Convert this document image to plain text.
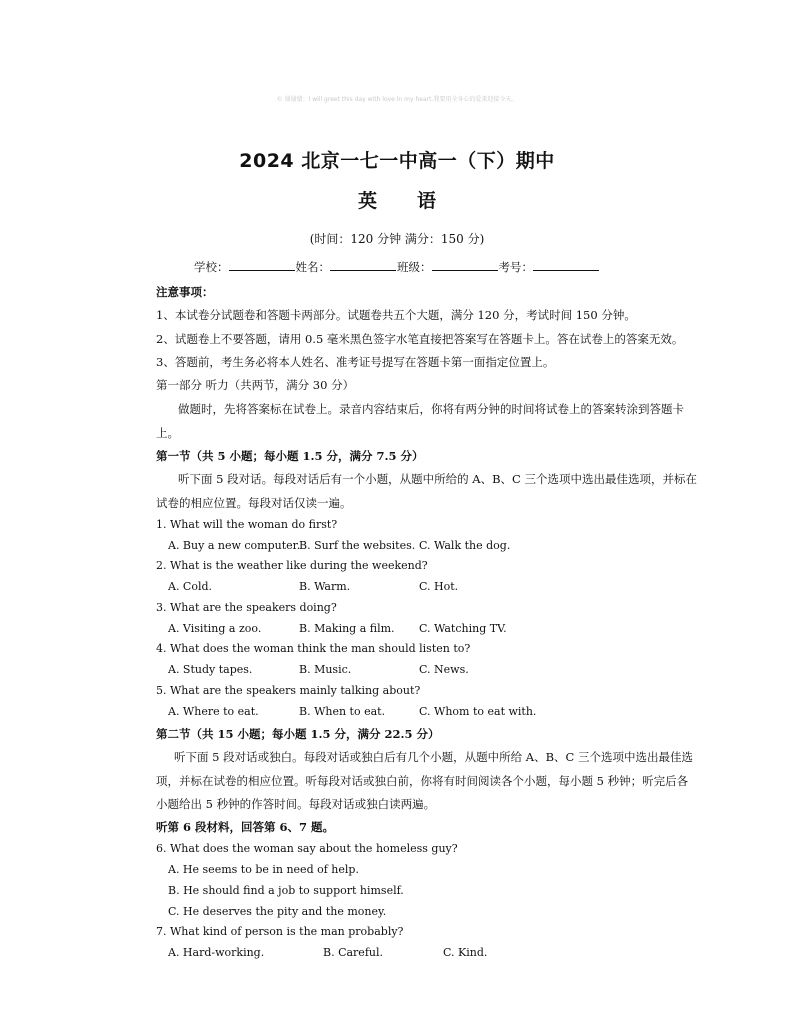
© 谢谢猜：I will greet this day with love in my heart.我要用全身心的爱来迎接今天。
2024 北京一七一中高一（下）期中
英 语
(时间：120 分钟 满分：150 分)
学校：	姓名：	班级：	考号：
注意事项：
1、本试卷分试题卷和答题卡两部分。试题卷共五个大题，满分 120 分，考试时间 150 分钟。
2、试题卷上不要答题，请用 0.5 毫米黑色签字水笔直接把答案写在答题卡上。答在试卷上的答案无效。
3、答题前，考生务必将本人姓名、准考证号提写在答题卡第一面指定位置上。
第一部分 听力（共两节，满分 30 分）
做题时，先将答案标在试卷上。录音内容结束后，你将有两分钟的时间将试卷上的答案转涂到答题卡
上。
第一节（共 5 小题；每小题 1.5 分，满分 7.5 分）
听下面 5 段对话。每段对话后有一个小题，从题中所给的 A、B、C 三个选项中选出最佳选项，并标在
试卷的相应位置。每段对话仅读一遍。
1. What will the woman do first?
A. Buy a new computer.
B. Surf the websites. C. Walk the dog.
2. What is the weather like during the weekend?
A. Cold.	B. Warm.	C. Hot.
3. What are the speakers doing?
A. Visiting a zoo.	B. Making a film. C. Watching TV.
4. What does the woman think the man should listen to?
A. Study tapes.	B. Music.	C. News.
5. What are the speakers mainly talking about?
A. Where to eat.	B. When to eat.	C. Whom to eat with.
第二节（共 15 小题；每小题 1.5 分，满分 22.5 分）
听下面 5 段对话或独白。每段对话或独白后有几个小题，从题中所给 A、B、C 三个选项中选出最佳选
项，并标在试卷的相应位置。听每段对话或独白前，你将有时间阅读各个小题，每小题 5 秒钟；听完后各
小题给出 5 秒钟的作答时间。每段对话或独白读两遍。
听第 6 段材料，回答第 6、7 题。
6. What does the woman say about the homeless guy?
A. He seems to be in need of help.
B. He should find a job to support himself.
C. He deserves the pity and the money.
7. What kind of person is the man probably?
A. Hard-working.	B. Careful.	C. Kind.
